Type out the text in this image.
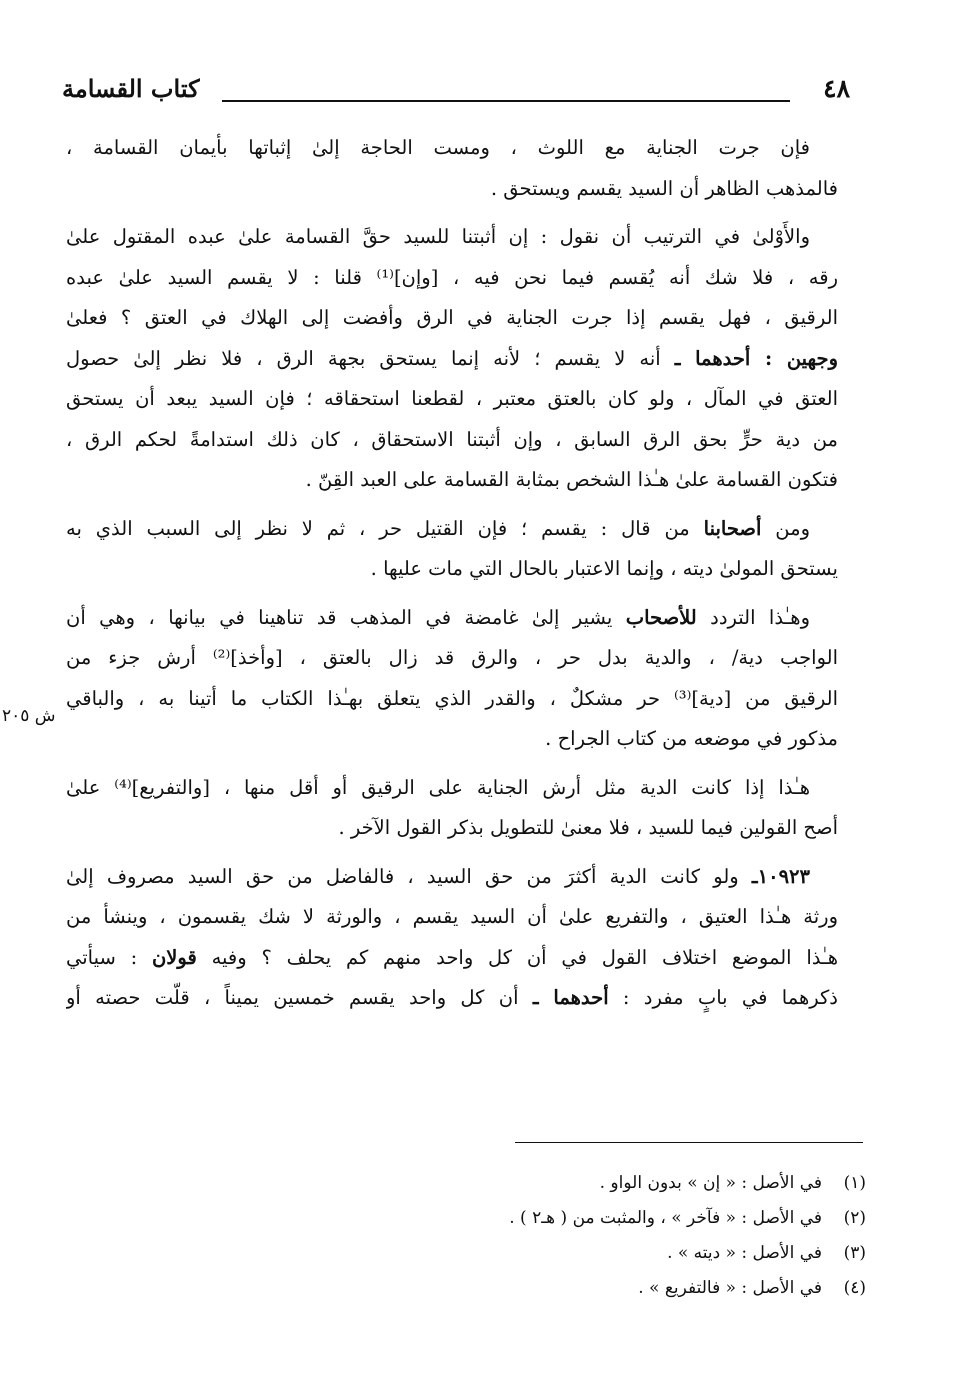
٤٨
كتاب القسامة
ش ٢٠٥
فإن جرت الجناية مع اللوث ، ومست الحاجة إلىٰ إثباتها بأيمان القسامة ،
فالمذهب الظاهر أن السيد يقسم ويستحق .
والأَوْلىٰ في الترتيب أن نقول : إن أثبتنا للسيد حقَّ القسامة علىٰ عبده المقتول علىٰ
رقه ، فلا شك أنه يُقسم فيما نحن فيه ، [وإن]⁽¹⁾ قلنا : لا يقسم السيد علىٰ عبده
الرقيق ، فهل يقسم إذا جرت الجناية في الرق وأفضت إلى الهلاك في العتق ؟ فعلىٰ
وجهين : أحدهما ـ أنه لا يقسم ؛ لأنه إنما يستحق بجهة الرق ، فلا نظر إلىٰ حصول
العتق في المآل ، ولو كان بالعتق معتبر ، لقطعنا استحقاقه ؛ فإن السيد يبعد أن يستحق
من دية حرٍّ بحق الرق السابق ، وإن أثبتنا الاستحقاق ، كان ذلك استدامةً لحكم الرق ،
فتكون القسامة علىٰ هـٰذا الشخص بمثابة القسامة على العبد القِنّ .
ومن أصحابنا من قال : يقسم ؛ فإن القتيل حر ، ثم لا نظر إلى السبب الذي به
يستحق المولىٰ ديته ، وإنما الاعتبار بالحال التي مات عليها .
وهـٰذا التردد للأصحاب يشير إلىٰ غامضة في المذهب قد تناهينا في بيانها ، وهي أن
الواجب دية/ ، والدية بدل حر ، والرق قد زال بالعتق ، [وأخذ]⁽²⁾ أرش جزء من
الرقيق من [دية]⁽³⁾ حر مشكلٌ ، والقدر الذي يتعلق بهـٰذا الكتاب ما أتينا به ، والباقي
مذكور في موضعه من كتاب الجراح .
هـٰذا إذا كانت الدية مثل أرش الجناية على الرقيق أو أقل منها ، [والتفريع]⁽⁴⁾ علىٰ
أصح القولين فيما للسيد ، فلا معنىٰ للتطويل بذكر القول الآخر .
١٠٩٢٣ـ ولو كانت الدية أكثرَ من حق السيد ، فالفاضل من حق السيد مصروف إلىٰ
ورثة هـٰذا العتيق ، والتفريع علىٰ أن السيد يقسم ، والورثة لا شك يقسمون ، وينشأ من
هـٰذا الموضع اختلاف القول في أن كل واحد منهم كم يحلف ؟ وفيه قولان : سيأتي
ذكرهما في بابٍ مفرد : أحدهما ـ أن كل واحد يقسم خمسين يميناً ، قلّت حصته أو
(١)في الأصل : « إن » بدون الواو .
(٢)في الأصل : « فآخر » ، والمثبت من ( هـ٢ ) .
(٣)في الأصل : « ديته » .
(٤)في الأصل : « فالتفريع » .
